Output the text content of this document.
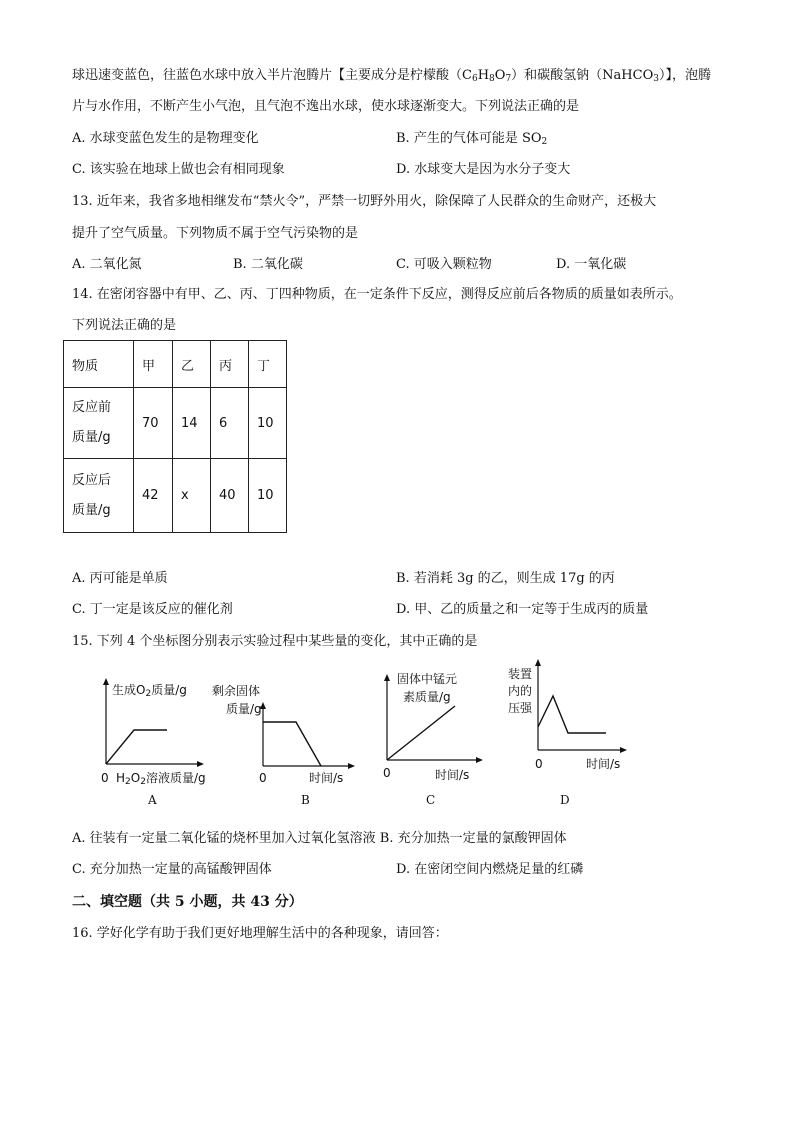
球迅速变蓝色，往蓝色水球中放入半片泡腾片【主要成分是柠檬酸$(C_6H_8O_7)$和碳酸氢钠（NaHCO$_3$）】，泡腾
片与水作用，不断产生小气泡，且气泡不逸出水球，使水球逐渐变大。下列说法正确的是
A. 水球变蓝色发生的是物理变化	B. 产生的气体可能是 $SO_2$
C. 该实验在地球上做也会有相同现象	D. 水球变大是因为水分子变大
13. 近年来，我省多地相继发布“禁火令”，严禁一切野外用火，除保障了人民群众的生命财产，还极大
提升了空气质量。下列物质不属于空气污染物的是
A. 二氧化氮	B. 二氧化碳	C. 可吸入颗粒物	D. 一氧化碳
14. 在密闭容器中有甲、乙、丙、丁四种物质，在一定条件下反应，测得反应前后各物质的质量如表所示。
下列说法正确的是
物质	甲	乙	丙	丁
反应前
质量/g	70	14	6	10
反应后
质量/g	42	x	40	10
A. 丙可能是单质	B. 若消耗 3g 的乙，则生成 17g 的丙
C. 丁一定是该反应的催化剂	D. 甲、乙的质量之和一定等于生成丙的质量
15. 下列 4 个坐标图分别表示实验过程中某些量的变化，其中正确的是
生成$O_2$质量/g
0 $H_2O_2$溶液质量/g
A
剩余固体
质量/g
0	时间/s
B
固体中锰元
素质量/g
0	时间/s
C
装置
内的
压强
0	时间/s
D
A. 往装有一定量二氧化锰的烧杯里加入过氧化氢溶液 B. 充分加热一定量的氯酸钾固体
C. 充分加热一定量的高锰酸钾固体	D. 在密闭空间内燃烧足量的红磷
二、填空题（共 5 小题，共 43 分）
16. 学好化学有助于我们更好地理解生活中的各种现象，请回答：
